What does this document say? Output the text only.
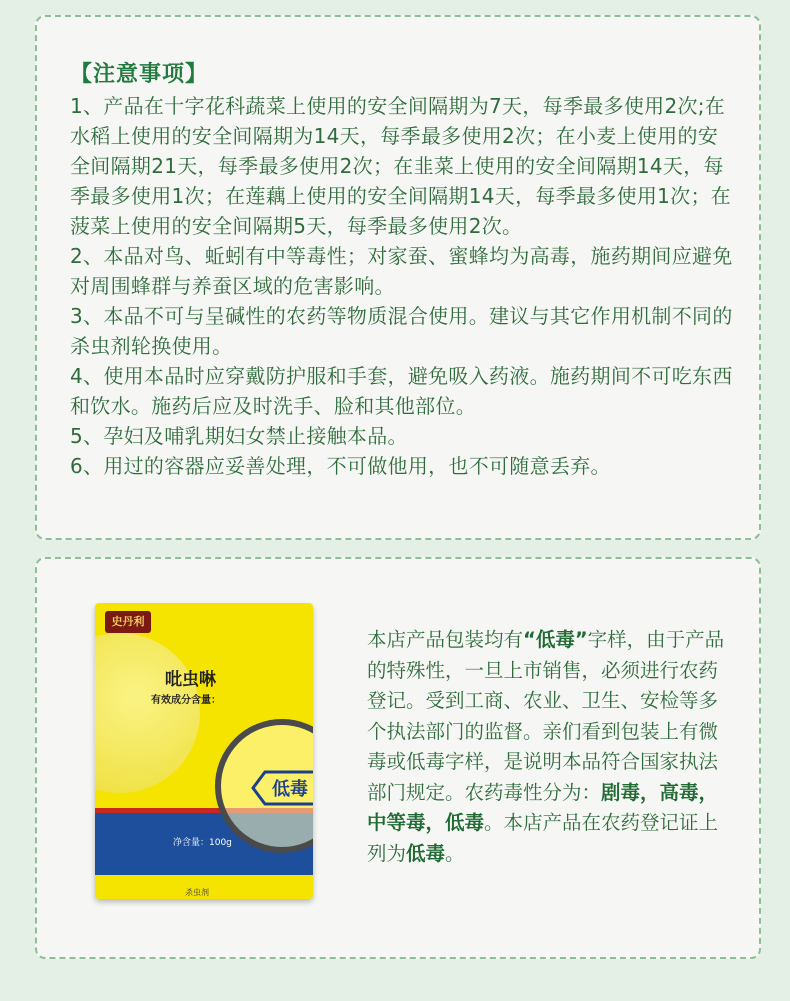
【注意事项】

1、产品在十字花科蔬菜上使用的安全间隔期为7天，每季最多使用2次;在水稻上使用的安全间隔期为14天，每季最多使用2次；在小麦上使用的安全间隔期21天，每季最多使用2次；在韭菜上使用的安全间隔期14天，每季最多使用1次；在莲藕上使用的安全间隔期14天，每季最多使用1次；在菠菜上使用的安全间隔期5天，每季最多使用2次。

2、本品对鸟、蚯蚓有中等毒性；对家蚕、蜜蜂均为高毒，施药期间应避免对周围蜂群与养蚕区域的危害影响。

3、本品不可与呈碱性的农药等物质混合使用。建议与其它作用机制不同的杀虫剂轮换使用。

4、使用本品时应穿戴防护服和手套，避免吸入药液。施药期间不可吃东西和饮水。施药后应及时洗手、脸和其他部位。

5、孕妇及哺乳期妇女禁止接触本品。

6、用过的容器应妥善处理，不可做他用，也不可随意丢弃。

史丹利
吡虫啉
有效成分含量：
净含量：100g
杀虫剂
低毒
本店产品包装均有“低毒”字样，由于产品的特殊性，一旦上市销售，必须进行农药登记。受到工商、农业、卫生、安检等多个执法部门的监督。亲们看到包装上有微毒或低毒字样，是说明本品符合国家执法部门规定。农药毒性分为：剧毒，高毒，中等毒，低毒。本店产品在农药登记证上列为低毒。
